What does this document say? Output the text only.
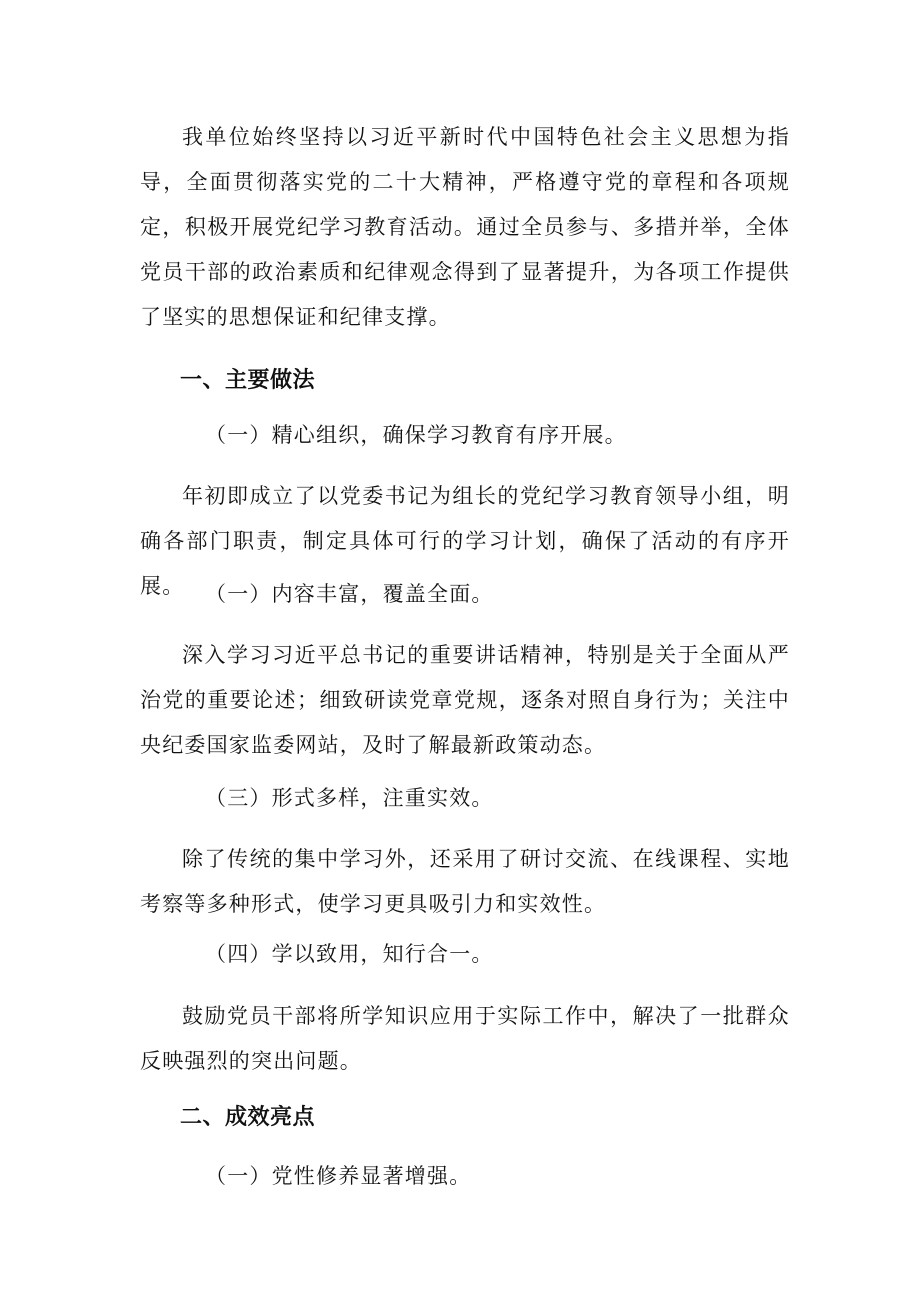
我单位始终坚持以习近平新时代中国特色社会主义思想为指导，全面贯彻落实党的二十大精神，严格遵守党的章程和各项规定，积极开展党纪学习教育活动。通过全员参与、多措并举，全体党员干部的政治素质和纪律观念得到了显著提升，为各项工作提供了坚实的思想保证和纪律支撑。

一、主要做法

（一）精心组织，确保学习教育有序开展。

年初即成立了以党委书记为组长的党纪学习教育领导小组，明确各部门职责，制定具体可行的学习计划，确保了活动的有序开展。 （一）内容丰富，覆盖全面。

深入学习习近平总书记的重要讲话精神，特别是关于全面从严治党的重要论述；细致研读党章党规，逐条对照自身行为；关注中央纪委国家监委网站，及时了解最新政策动态。

（三）形式多样，注重实效。

除了传统的集中学习外，还采用了研讨交流、在线课程、实地考察等多种形式，使学习更具吸引力和实效性。

（四）学以致用，知行合一。

鼓励党员干部将所学知识应用于实际工作中，解决了一批群众反映强烈的突出问题。

二、成效亮点

（一）党性修养显著增强。
